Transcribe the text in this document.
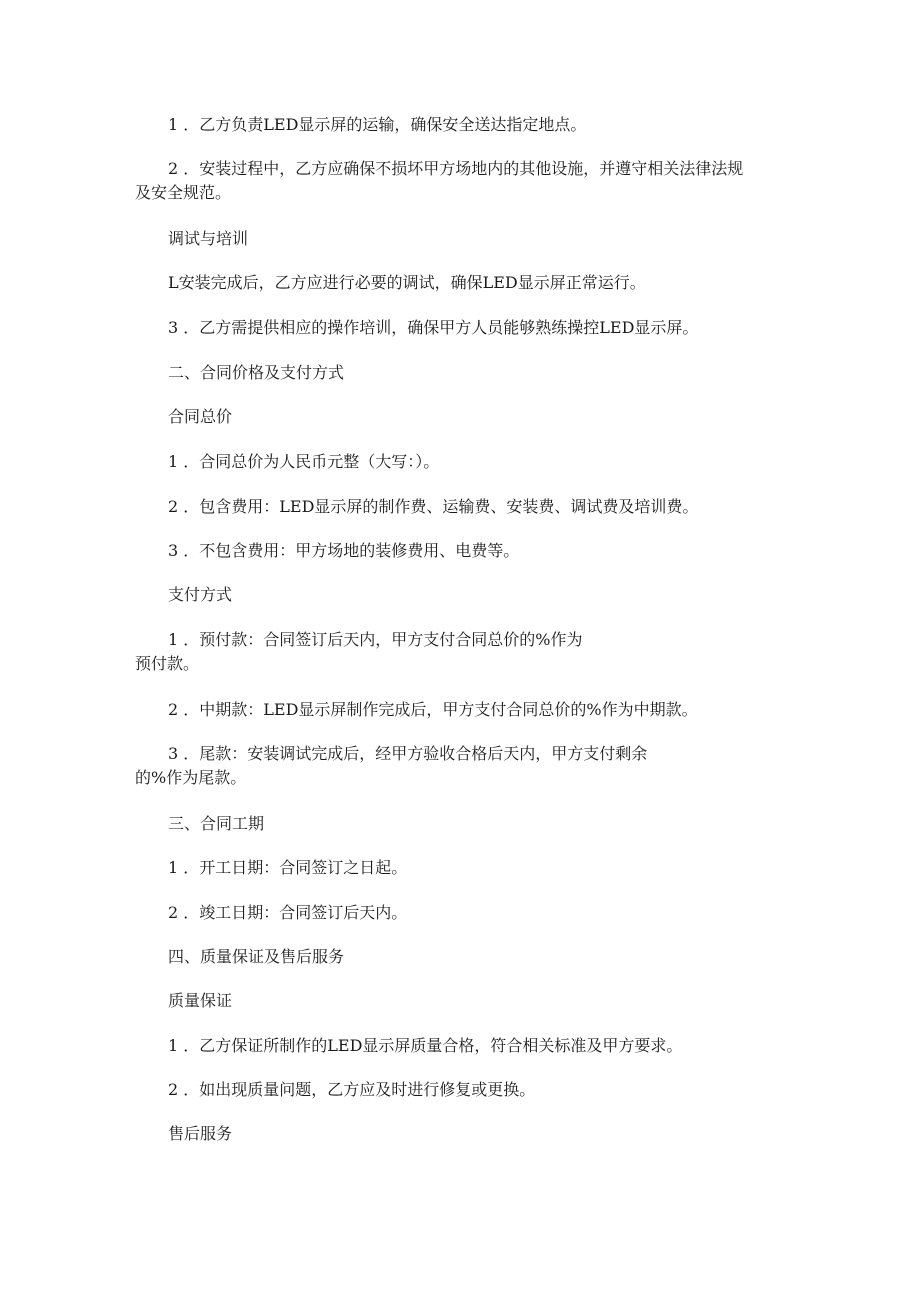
1 ．乙方负责LED显示屏的运输，确保安全送达指定地点。

2 ．安装过程中，乙方应确保不损坏甲方场地内的其他设施，并遵守相关法律法规

及安全规范。

调试与培训

L安装完成后，乙方应进行必要的调试，确保LED显示屏正常运行。

3 ．乙方需提供相应的操作培训，确保甲方人员能够熟练操控LED显示屏。

二、合同价格及支付方式

合同总价

1 ．合同总价为人民币元整（大写：）。

2 ．包含费用：LED显示屏的制作费、运输费、安装费、调试费及培训费。

3 ．不包含费用：甲方场地的装修费用、电费等。

支付方式

1 ．预付款：合同签订后天内，甲方支付合同总价的%作为

预付款。

2 ．中期款：LED显示屏制作完成后，甲方支付合同总价的%作为中期款。

3 ．尾款：安装调试完成后，经甲方验收合格后天内，甲方支付剩余

的%作为尾款。

三、合同工期

1 ．开工日期：合同签订之日起。

2 ．竣工日期：合同签订后天内。

四、质量保证及售后服务

质量保证

1 ．乙方保证所制作的LED显示屏质量合格，符合相关标准及甲方要求。

2 ．如出现质量问题，乙方应及时进行修复或更换。

售后服务
